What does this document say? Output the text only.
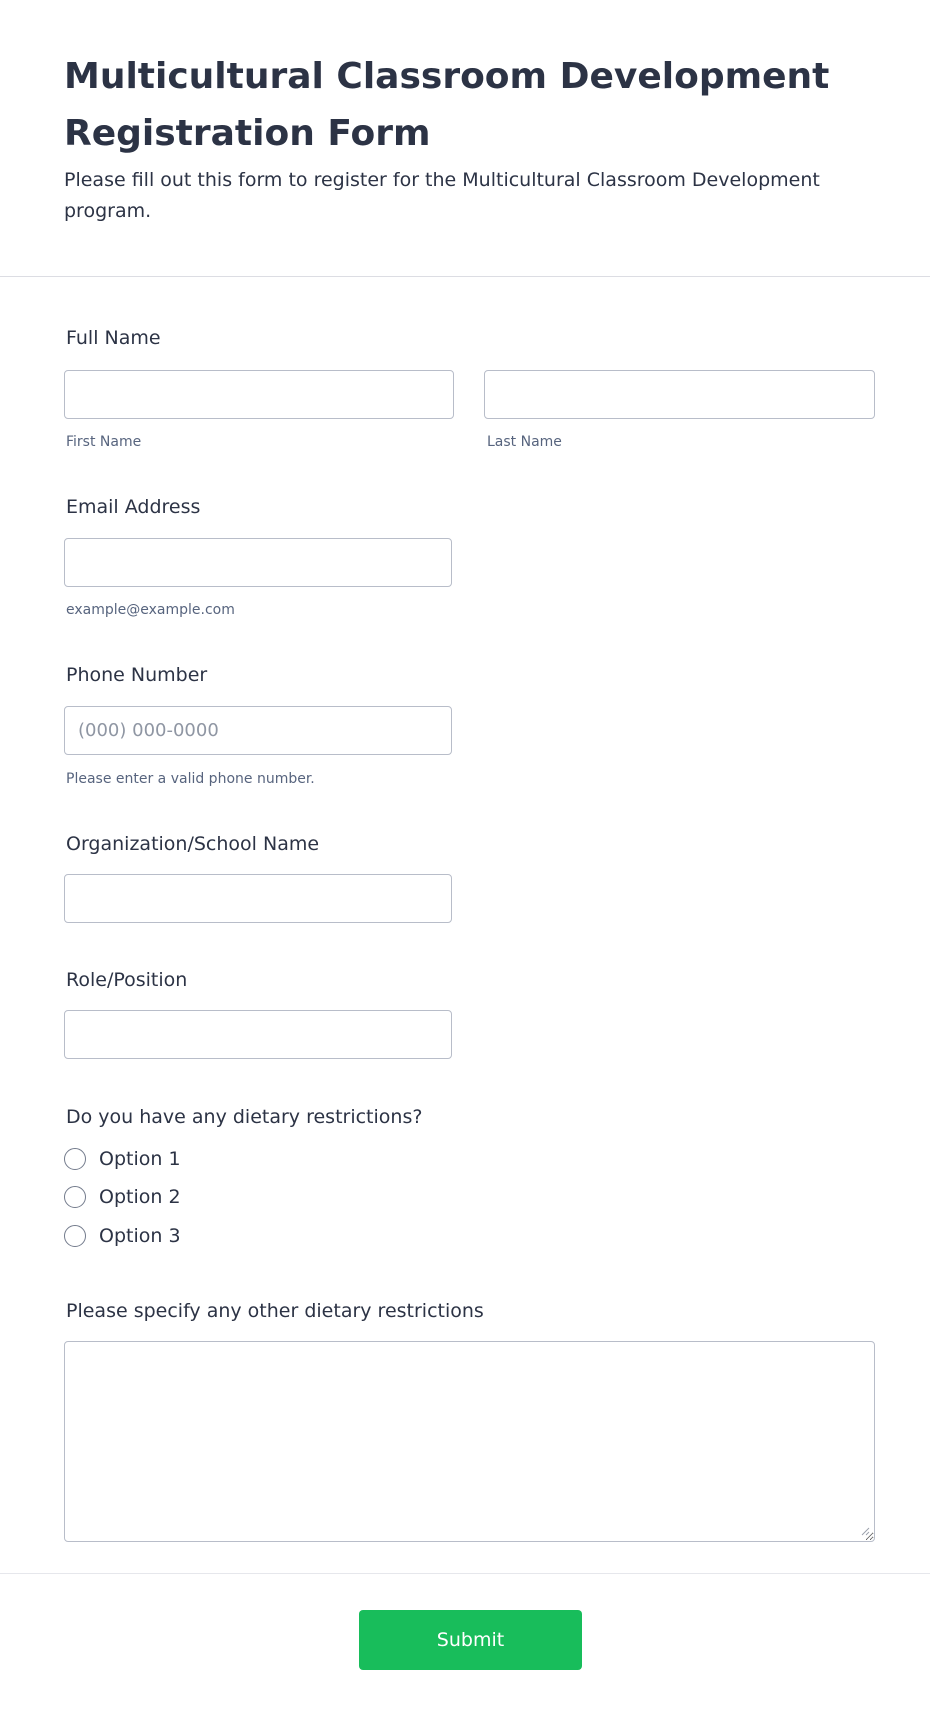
Multicultural Classroom Development Registration Form

Please fill out this form to register for the Multicultural Classroom Development program.

Full Name
First Name	Last Name
Email Address
example@example.com
Phone Number
(000) 000-0000
Please enter a valid phone number.
Organization/School Name
Role/Position
Do you have any dietary restrictions?
Option 1
Option 2
Option 3
Please specify any other dietary restrictions
Submit
